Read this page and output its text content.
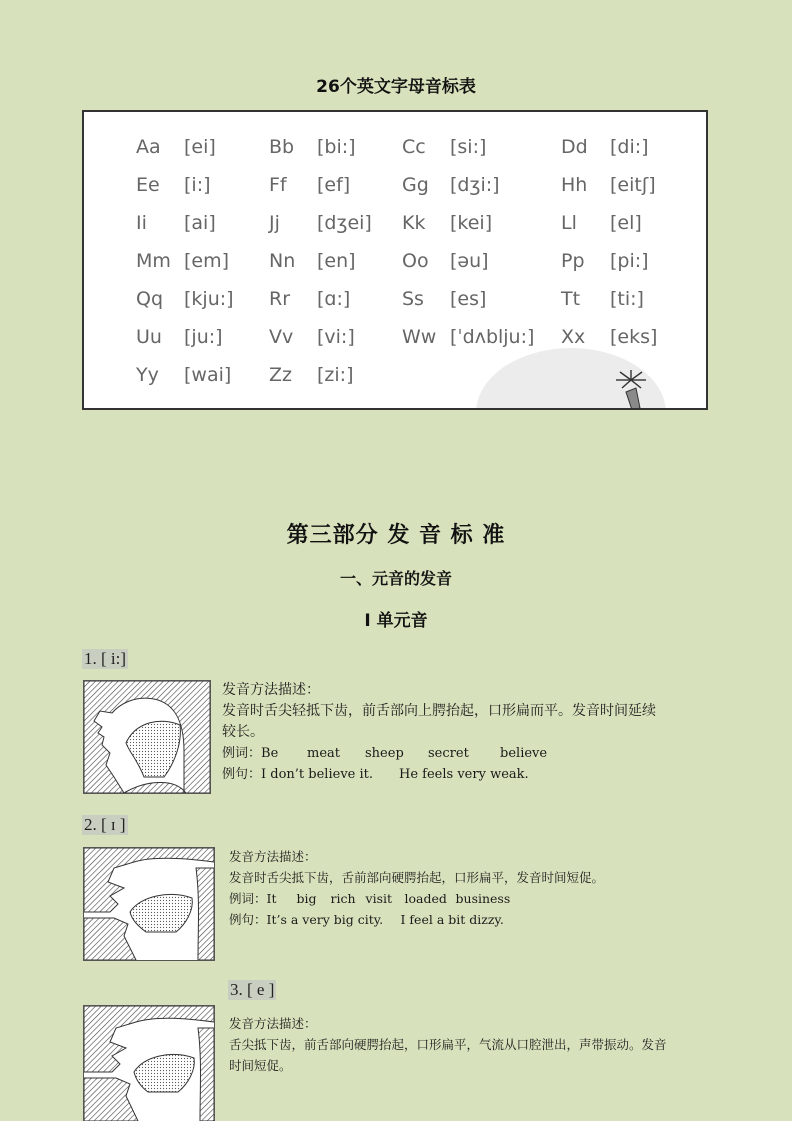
26个英文字母音标表
Aa [ei]	Bb [bi:] Cc [si:]	Dd [di:]
Ee [i:]	Ff [ef]	Gg [dʒi:]	Hh [eitʃ]
Ii [ai]	Jj [dʒei] Kk [kei]	Ll [el]
Mm [em] Nn [en] Oo [əu]	Pp [pi:]
Qq [kju:] Rr [ɑ:]	Ss [es]	Tt [ti:]
Uu [ju:] Vv [vi:] Ww [ˈdʌblju:] Xx [eks]
Yy [wai] Zz [zi:]
第三部分 发 音 标 准
一、元音的发音
I 单元音
1. [ i:]
发音方法描述：
发音时舌尖轻抵下齿，前舌部向上腭抬起，口形扁而平。发音时间延续
较长。
例词：Be meat sheep secret believe
例句：I don’t believe it. He feels very weak.
2. [ ɪ ]
发音方法描述：
发音时舌尖抵下齿，舌前部向硬腭抬起，口形扁平，发音时间短促。
例词：It big rich visit loaded business
例句：It’s a very big city. I feel a bit dizzy.
3. [ e ]
发音方法描述：
舌尖抵下齿，前舌部向硬腭抬起，口形扁平，气流从口腔泄出，声带振动。发音
时间短促。
